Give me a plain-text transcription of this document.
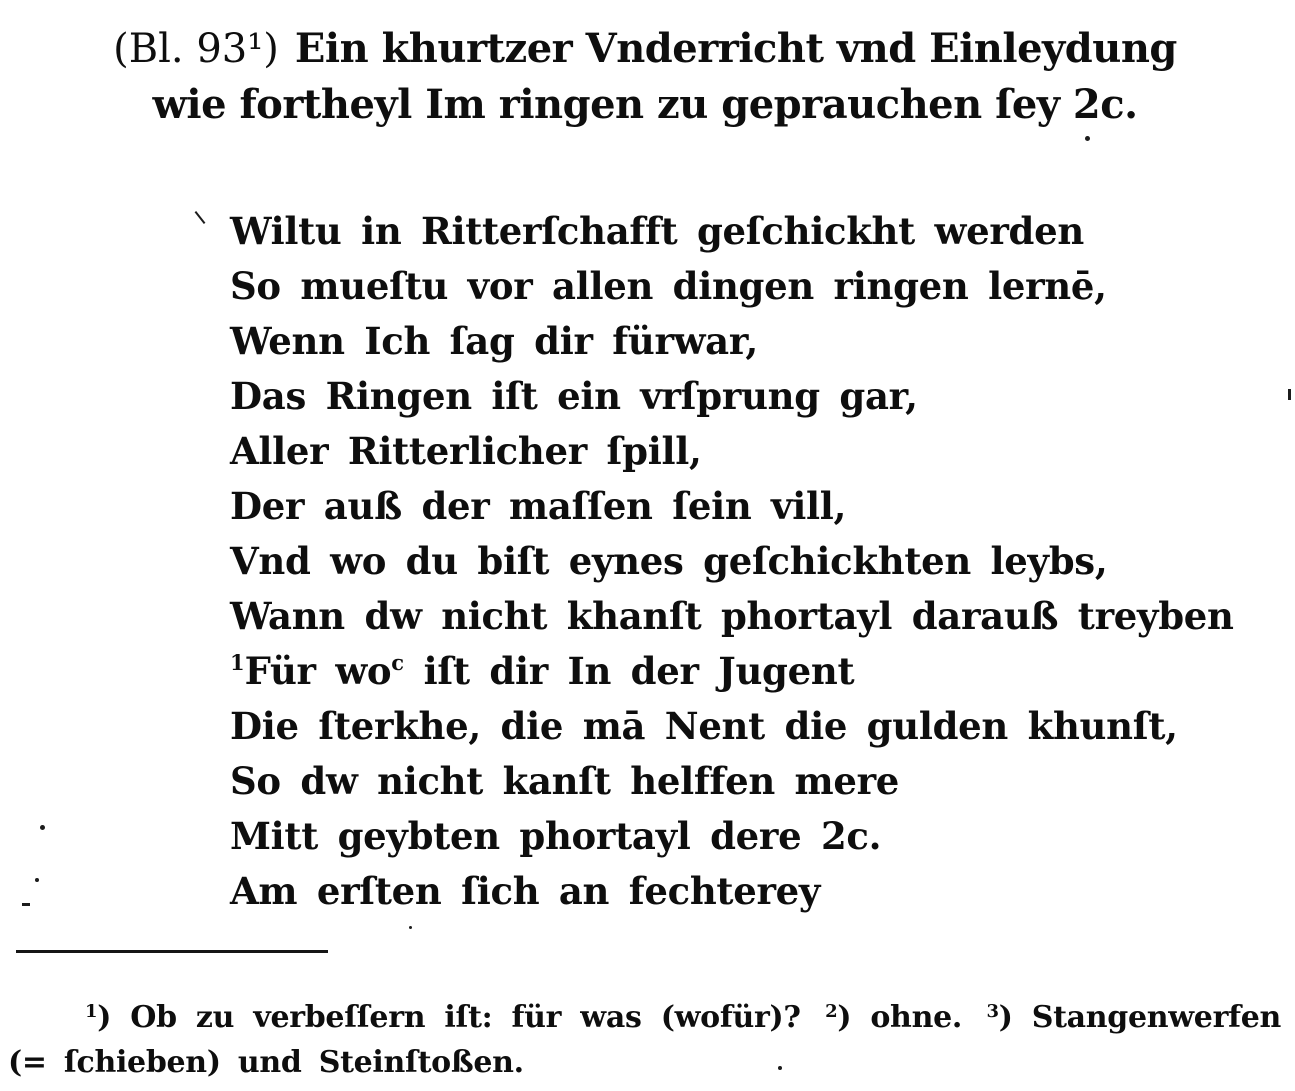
(Bl. 93¹) Ein khurtzer Vnderricht vnd Einleydung
wie fortheyl Im ringen zu geprauchen ſey 2c.
Wiltu in Ritterſchafft geſchickht werden
So mueſtu vor allen dingen ringen lernē,
Wenn Ich ſag dir fürwar,
Das Ringen iſt ein vrſprung gar,
Aller Ritterlicher ſpill,
Der auß der maſſen ſein vill,
Vnd wo du biſt eynes geſchickhten leybs,
Wann dw nicht khanſt phortayl darauß treyben
$^1$Für $wo^c$ iſt dir In der Jugent
Die ſterkhe, die mā Nent die gulden khunſt,
So dw nicht kanſt helffen mere
Mitt geybten phortayl dere 2c.
Am erſten ſich an fechterey
$^1$) Ob zu verbeſſern iſt: für was (wofür)? $^2$) ohne. $^3$) Stangenwerfen
(= ſchieben) und Steinſtoßen.
